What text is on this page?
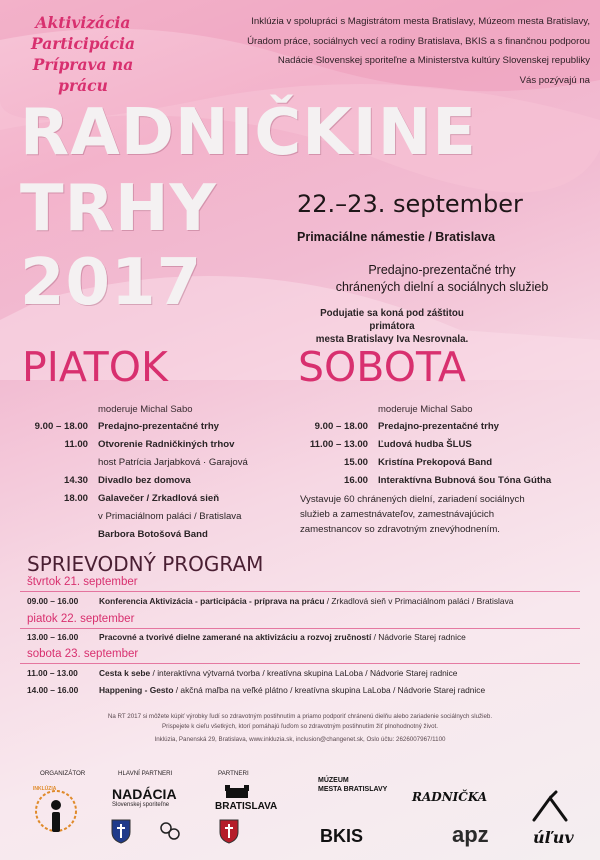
Aktivizácia
Participácia
Príprava na prácu
Inklúzia v spolupráci s Magistrátom mesta Bratislavy, Múzeom mesta Bratislavy,
Úradom práce, sociálnych vecí a rodiny Bratislava, BKIS a s finančnou podporou
Nadácie Slovenskej sporiteľne a Ministerstva kultúry Slovenskej republiky
Vás pozývajú na
RADNIČKINE
TRHY
2017
22.–23. september
Primaciálne námestie / Bratislava
Predajno-prezentačné trhy
chránených dielní a sociálnych služieb
Podujatie sa koná pod záštitou primátora
mesta Bratislavy Iva Nesrovnala.
PIATOK
moderuje Michal Sabo
9.00 – 18.00 Predajno-prezentačné trhy
11.00 Otvorenie Radničkiných trhov
host Patrícia Jarjabková · Garajová
14.30 Divadlo bez domova
18.00 Galavečer / Zrkadlová sieň
v Primaciálnom paláci / Bratislava
Barbora Botošová Band
SOBOTA
moderuje Michal Sabo
9.00 – 18.00 Predajno-prezentačné trhy
11.00 – 13.00 Ľudová hudba ŠLUS
15.00 Kristína Prekopová Band
16.00 Interaktívna Bubnová šou Tóna Gútha
Vystavuje 60 chránených dielní, zariadení sociálnych
služieb a zamestnávateľov, zamestnávajúcich
zamestnancov so zdravotným znevýhodnením.
SPRIEVODNÝ PROGRAM
štvrtok 21. september
09.00 – 16.00 Konferencia Aktivizácia - participácia - príprava na prácu / Zrkadlová sieň v Primaciálnom paláci / Bratislava
piatok 22. september
13.00 – 16.00 Pracovné a tvorivé dielne zamerané na aktivizáciu a rozvoj zručností / Nádvorie Starej radnice
sobota 23. september
11.00 – 13.00	Cesta k sebe / interaktívna výtvarná tvorba / kreatívna skupina LaLoba / Nádvorie Starej radnice
14.00 – 16.00 Happening - Gesto / akčná maľba na veľké plátno / kreatívna skupina LaLoba / Nádvorie Starej radnice
Na RT 2017 si môžete kúpiť výrobky ľudí so zdravotným postihnutím a priamo podporiť chránenú dielňu alebo zariadenie sociálnych služieb.
Prispejete k cieľu všetkých, ktorí pomáhajú ľuďom so zdravotným postihnutím žiť plnohodnotný život.
Inklúzia, Panenská 29, Bratislava, www.inkluzia.sk, inclusion@changenet.sk, Oslo účtu: 2626007967/1100
ORGANIZÁTOR	HLAVNÍ PARTNERI	PARTNERI
INKLÚZIA	NADÁCIA
Slovenskej sporiteľne	BRATISLAVA
MÚZEUM
MESTA BRATISLAVY
BKIS
RADNIČKA
apz	úľuv
